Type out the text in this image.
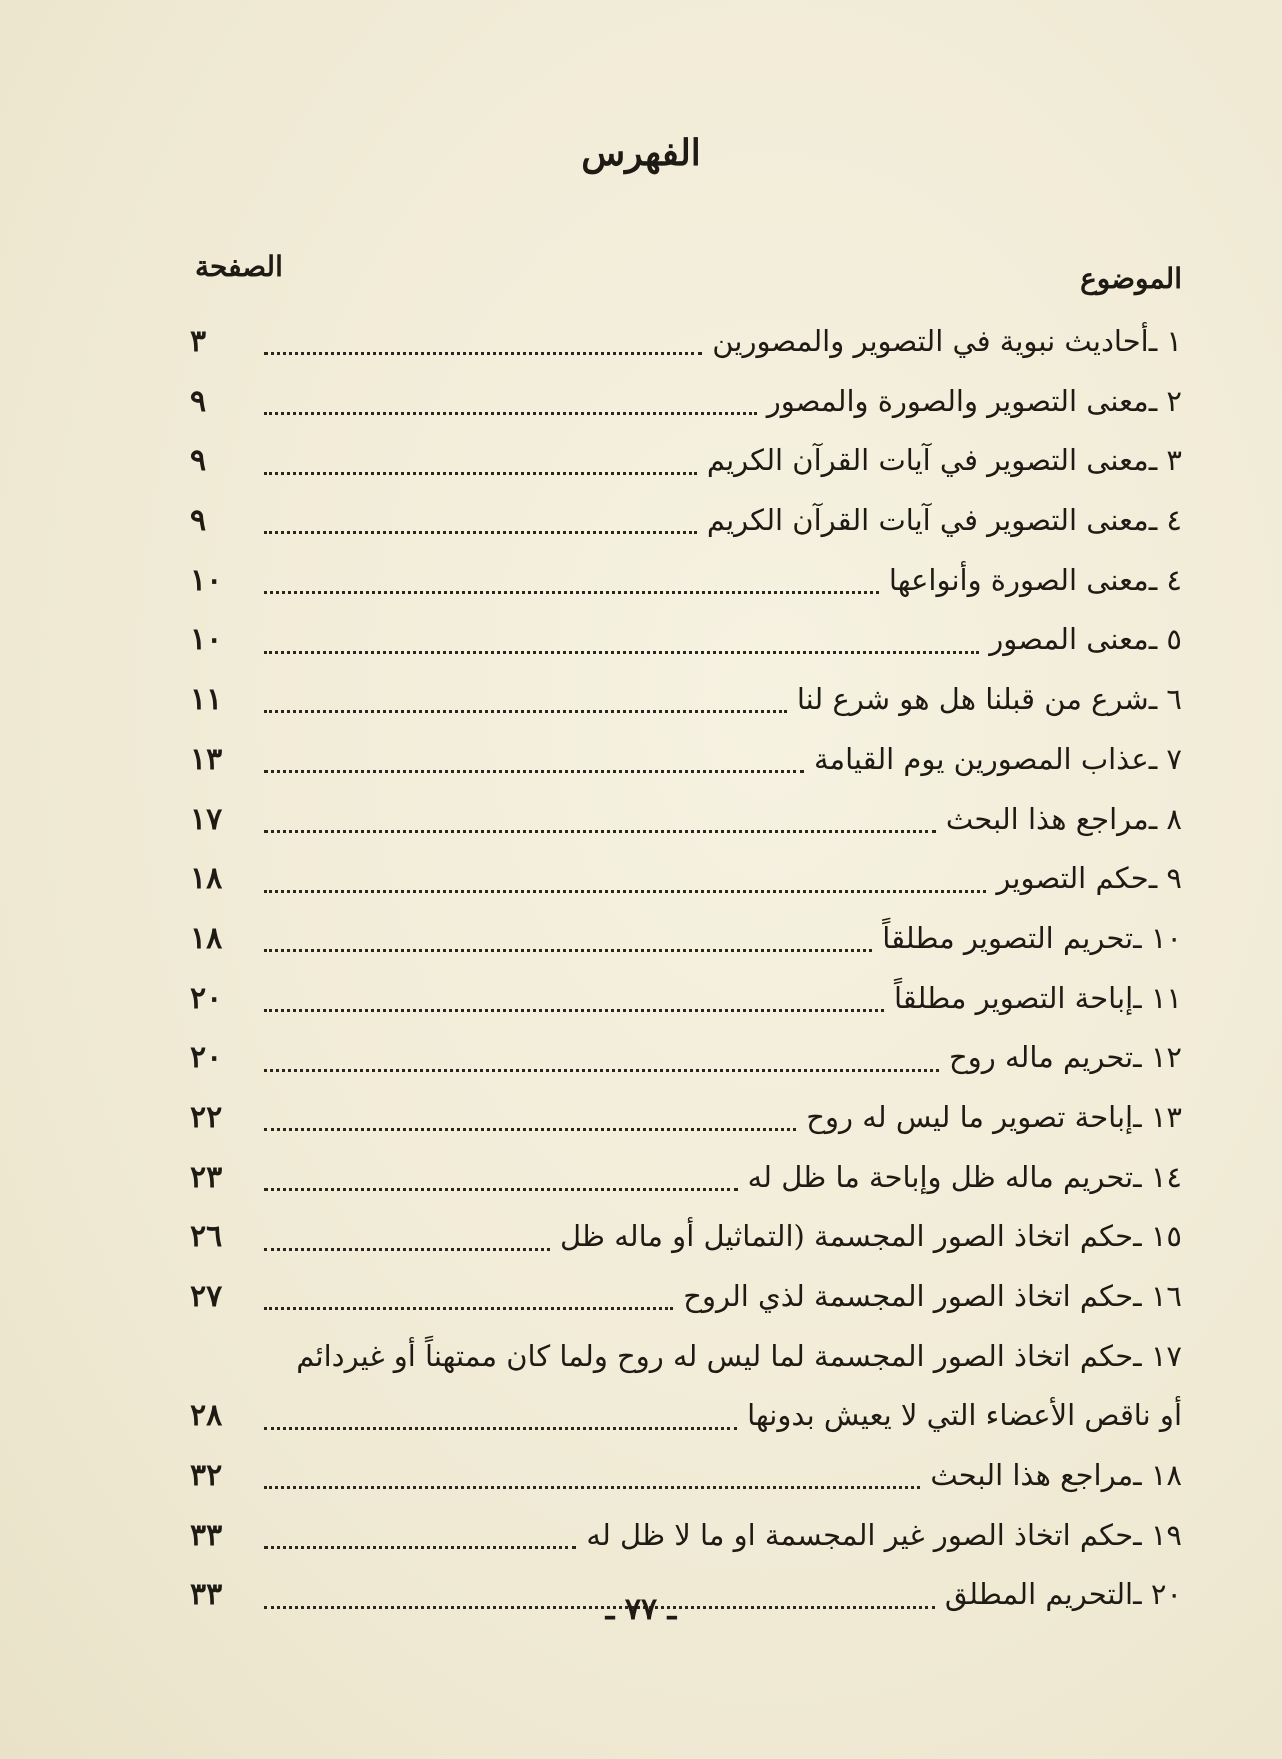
الفهرس
الموضوع
الصفحة
١ ـ
أحاديث نبوية في التصوير والمصورين
٣
٢ ـ
معنى التصوير والصورة والمصور
٩
٣ ـ
معنى التصوير في آيات القرآن الكريم
٩
٤ ـ
معنى التصوير في آيات القرآن الكريم
٩
٤ ـ
معنى الصورة وأنواعها
١٠
٥ ـ
معنى المصور
١٠
٦ ـ
شرع من قبلنا هل هو شرع لنا
١١
٧ ـ
عذاب المصورين يوم القيامة
١٣
٨ ـ
مراجع هذا البحث
١٧
٩ ـ
حكم التصوير
١٨
١٠ ـ
تحريم التصوير مطلقاً
١٨
١١ ـ
إباحة التصوير مطلقاً
٢٠
١٢ ـ
تحريم ماله روح
٢٠
١٣ ـ
إباحة تصوير ما ليس له روح
٢٢
١٤ ـ
تحريم ماله ظل وإباحة ما ظل له
٢٣
١٥ ـ
حكم اتخاذ الصور المجسمة (التماثيل أو ماله ظل
٢٦
١٦ ـ
حكم اتخاذ الصور المجسمة لذي الروح
٢٧
١٧ ـ
حكم اتخاذ الصور المجسمة لما ليس له روح ولما كان ممتهناً أو غيردائم
أو ناقص الأعضاء التي لا يعيش بدونها
٢٨
١٨ ـ
مراجع هذا البحث
٣٢
١٩ ـ
حكم اتخاذ الصور غير المجسمة او ما لا ظل له
٣٣
٢٠ ـ
التحريم المطلق
٣٣	ـ ٧٧ ـ
